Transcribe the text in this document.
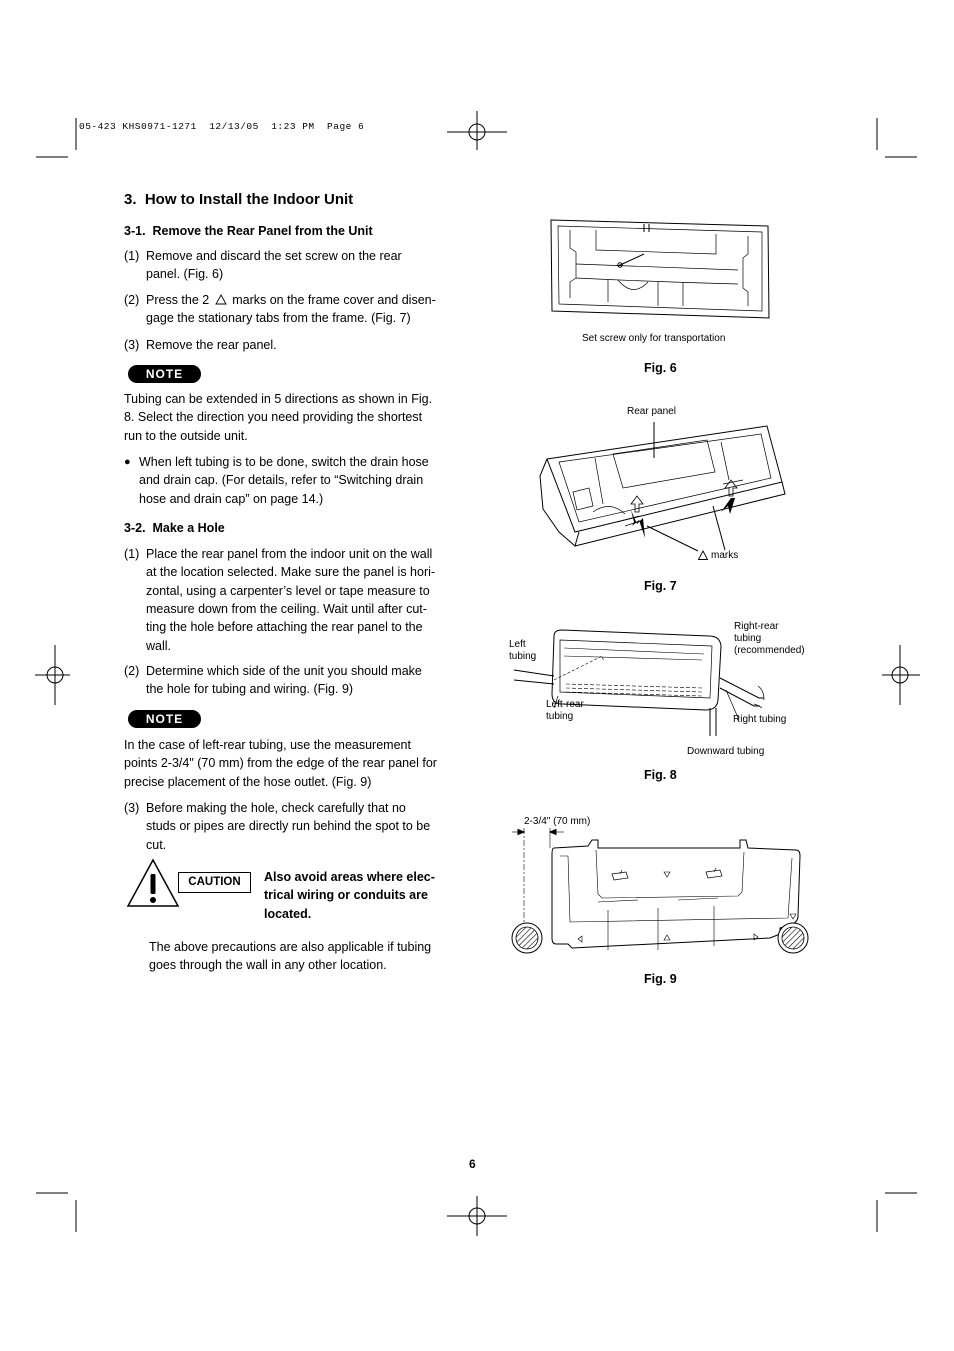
05-423 KHS0971-1271  12/13/05  1:23 PM  Page 6
3.  How to Install the Indoor Unit
3-1.  Remove the Rear Panel from the Unit
(1) Remove and discard the set screw on the rear
panel. (Fig. 6)
(2) Press the 2 marks on the frame cover and disen-
gage the stationary tabs from the frame. (Fig. 7)
(3) Remove the rear panel.
NOTE
Tubing can be extended in 5 directions as shown in Fig.
8. Select the direction you need providing the shortest
run to the outside unit.
● When left tubing is to be done, switch the drain hose
and drain cap. (For details, refer to “Switching drain
hose and drain cap” on page 14.)
3-2.  Make a Hole
(1) Place the rear panel from the indoor unit on the wall
at the location selected. Make sure the panel is hori-
zontal, using a carpenter’s level or tape measure to
measure down from the ceiling. Wait until after cut-
ting the hole before attaching the rear panel to the
wall.
(2) Determine which side of the unit you should make
the hole for tubing and wiring. (Fig. 9)
NOTE
In the case of left-rear tubing, use the measurement
points 2-3/4" (70 mm) from the edge of the rear panel for
precise placement of the hose outlet. (Fig. 9)
(3) Before making the hole, check carefully that no
studs or pipes are directly run behind the spot to be
cut.
CAUTION	Also avoid areas where elec-
trical wiring or conduits are
located.
The above precautions are also applicable if tubing
goes through the wall in any other location.
Set screw only for transportation
Fig. 6
Rear panel
marks
Fig. 7
Left
tubing
Right-rear
tubing
(recommended)
Left-rear
tubing	Right tubing
Downward tubing
Fig. 8
2-3/4" (70 mm)
Fig. 9
6
